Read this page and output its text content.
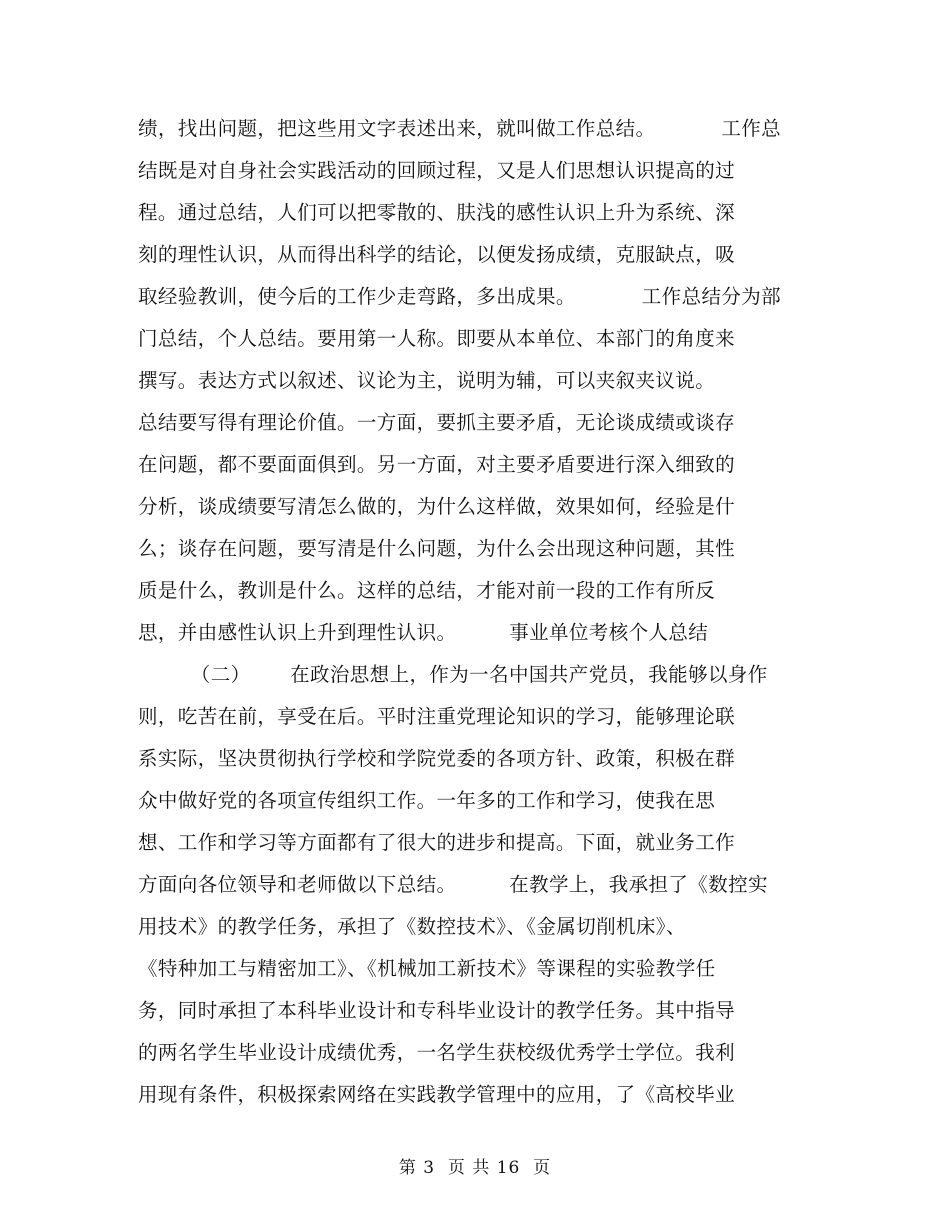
绩，找出问题，把这些用文字表述出来，就叫做工作总结。          工作总
结既是对自身社会实践活动的回顾过程，又是人们思想认识提高的过
程。通过总结，人们可以把零散的、肤浅的感性认识上升为系统、深
刻的理性认识，从而得出科学的结论，以便发扬成绩，克服缺点，吸
取经验教训，使今后的工作少走弯路，多出成果。          工作总结分为部
门总结，个人总结。要用第一人称。即要从本单位、本部门的角度来
撰写。表达方式以叙述、议论为主，说明为辅，可以夹叙夹议说。
总结要写得有理论价值。一方面，要抓主要矛盾，无论谈成绩或谈存
在问题，都不要面面俱到。另一方面，对主要矛盾要进行深入细致的
分析，谈成绩要写清怎么做的，为什么这样做，效果如何，经验是什
么；谈存在问题，要写清是什么问题，为什么会出现这种问题，其性
质是什么，教训是什么。这样的总结，才能对前一段的工作有所反
思，并由感性认识上升到理性认识。        事业单位考核个人总结
（二）      在政治思想上，作为一名中国共产党员，我能够以身作
则，吃苦在前，享受在后。平时注重党理论知识的学习，能够理论联
系实际，坚决贯彻执行学校和学院党委的各项方针、政策，积极在群
众中做好党的各项宣传组织工作。一年多的工作和学习，使我在思
想、工作和学习等方面都有了很大的进步和提高。下面，就业务工作
方面向各位领导和老师做以下总结。        在教学上，我承担了《数控实
用技术》的教学任务，承担了《数控技术》、《金属切削机床》、
《特种加工与精密加工》、《机械加工新技术》等课程的实验教学任
务，同时承担了本科毕业设计和专科毕业设计的教学任务。其中指导
的两名学生毕业设计成绩优秀，一名学生获校级优秀学士学位。我利
用现有条件，积极探索网络在实践教学管理中的应用，了《高校毕业
第 3  页 共 16  页
